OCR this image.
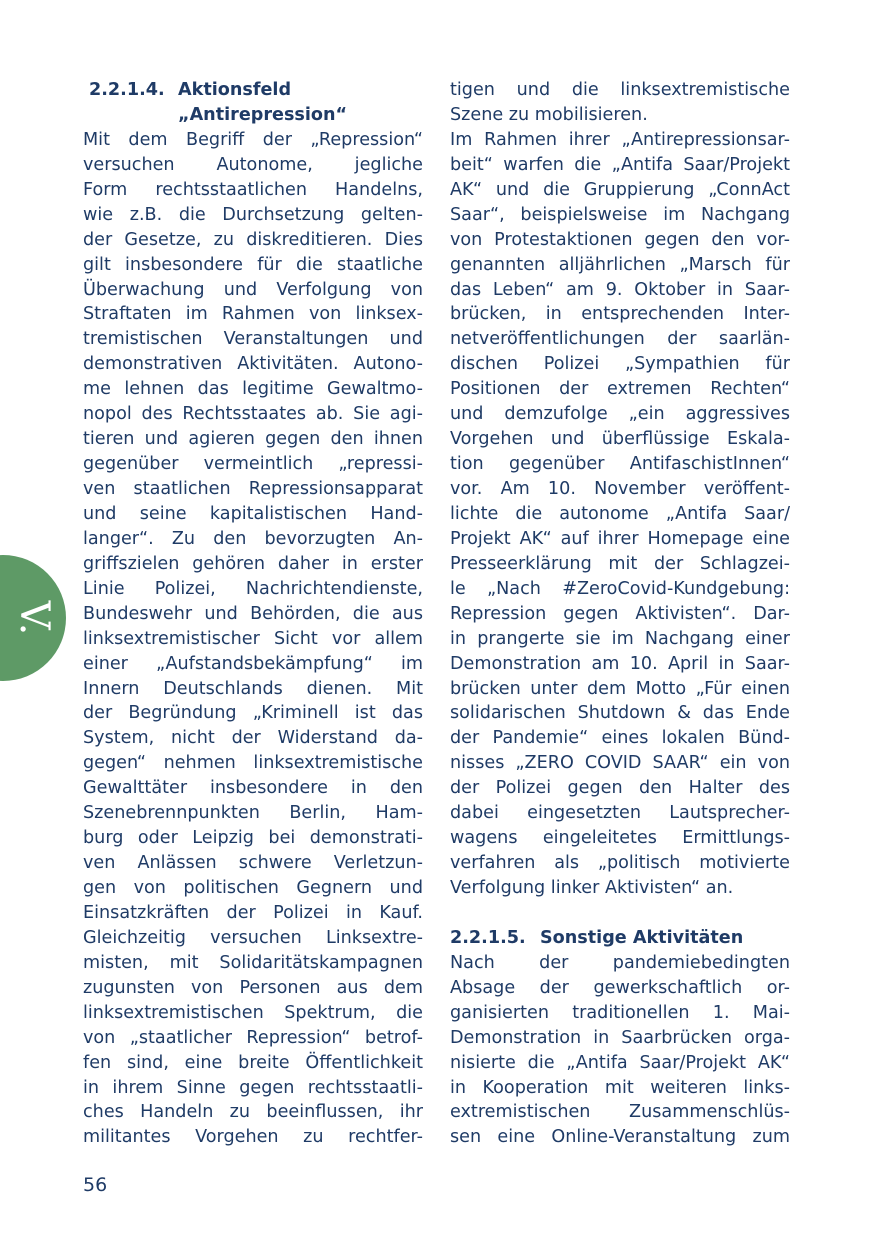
V.
2.2.1.4. Aktionsfeld
„Antirepression“
Mit dem Begriff der „Repression“
versuchen Autonome, jegliche
Form rechtsstaatlichen Handelns,
wie z.B. die Durchsetzung gelten-
der Gesetze, zu diskreditieren. Dies
gilt insbesondere für die staatliche
Überwachung und Verfolgung von
Straftaten im Rahmen von linksex-
tremistischen Veranstaltungen und
demonstrativen Aktivitäten. Autono-
me lehnen das legitime Gewaltmo-
nopol des Rechtsstaates ab. Sie agi-
tieren und agieren gegen den ihnen
gegenüber vermeintlich „repressi-
ven staatlichen Repressionsapparat
und seine kapitalistischen Hand-
langer“. Zu den bevorzugten An-
griffszielen gehören daher in erster
Linie Polizei, Nachrichtendienste,
Bundeswehr und Behörden, die aus
linksextremistischer Sicht vor allem
einer „Aufstandsbekämpfung“ im
Innern Deutschlands dienen. Mit
der Begründung „Kriminell ist das
System, nicht der Widerstand da-
gegen“ nehmen linksextremistische
Gewalttäter insbesondere in den
Szenebrennpunkten Berlin, Ham-
burg oder Leipzig bei demonstrati-
ven Anlässen schwere Verletzun-
gen von politischen Gegnern und
Einsatzkräften der Polizei in Kauf.
Gleichzeitig versuchen Linksextre-
misten, mit Solidaritätskampagnen
zugunsten von Personen aus dem
linksextremistischen Spektrum, die
von „staatlicher Repression“ betrof-
fen sind, eine breite Öffentlichkeit
in ihrem Sinne gegen rechtsstaatli-
ches Handeln zu beeinflussen, ihr
militantes Vorgehen zu rechtfer-
tigen und die linksextremistische
Szene zu mobilisieren.
Im Rahmen ihrer „Antirepressionsar-
beit“ warfen die „Antifa Saar/Projekt
AK“ und die Gruppierung „ConnAct
Saar“, beispielsweise im Nachgang
von Protestaktionen gegen den vor-
genannten alljährlichen „Marsch für
das Leben“ am 9. Oktober in Saar-
brücken, in entsprechenden Inter-
netveröffentlichungen der saarlän-
dischen Polizei „Sympathien für
Positionen der extremen Rechten“
und demzufolge „ein aggressives
Vorgehen und überflüssige Eskala-
tion gegenüber AntifaschistInnen“
vor. Am 10. November veröffent-
lichte die autonome „Antifa Saar/
Projekt AK“ auf ihrer Homepage eine
Presseerklärung mit der Schlagzei-
le „Nach #ZeroCovid-Kundgebung:
Repression gegen Aktivisten“. Dar-
in prangerte sie im Nachgang einer
Demonstration am 10. April in Saar-
brücken unter dem Motto „Für einen
solidarischen Shutdown & das Ende
der Pandemie“ eines lokalen Bünd-
nisses „ZERO COVID SAAR“ ein von
der Polizei gegen den Halter des
dabei eingesetzten Lautsprecher-
wagens eingeleitetes Ermittlungs-
verfahren als „politisch motivierte
Verfolgung linker Aktivisten“ an.
2.2.1.5. Sonstige Aktivitäten
Nach der pandemiebedingten
Absage der gewerkschaftlich or-
ganisierten traditionellen 1. Mai-
Demonstration in Saarbrücken orga-
nisierte die „Antifa Saar/Projekt AK“
in Kooperation mit weiteren links-
extremistischen Zusammenschlüs-
sen eine Online-Veranstaltung zum
56
